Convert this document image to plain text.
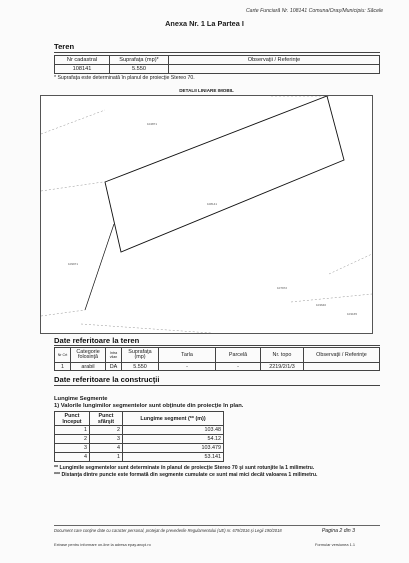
Carte Funciară Nr. 108141 Comuna/Oraş/Municipiu: Săcele
Anexa Nr. 1 La Partea I
Teren
Nr cadastral	Suprafaţa (mp)*	Observaţii / Referinţe
108141	5.550	
* Suprafaţa este determinată în planul de proiecţie Stereo 70.
DETALII LINIARE IMOBIL
104871
108141
109971
107972
103640
103165
Date referitoare la teren
Nr Crt	Categorie folosinţă	Intra vilan	Suprafaţa (mp)	Tarla	Parcelă	Nr. topo	Observaţii / Referinţe
1	arabil	DA	5.550	-	-	2219/2/1/3	
Date referitoare la construcţii
Lungime Segmente
1) Valorile lungimilor segmentelor sunt obţinute din proiecţie în plan.
Punct început	Punct sfârşit	Lungime segment (** (m))
1	2	103.48
2	3	54.12
3	4	103.479
4	1	53.141
** Lungimile segmentelor sunt determinate în planul de proiecţie Stereo 70 şi sunt rotunjite la 1 milimetru.
*** Distanţa dintre puncte este formată din segmente cumulate ce sunt mai mici decât valoarea 1 milimetru.
Document care conţine date cu caracter personal, protejat de prevederile Regulamentului (UE) nr. 679/2016 şi Legii 190/2018	Pagina 2 din 3
Extrase pentru informare on-line la adresa epay.ancpi.ro	Formular versiunea 1.1
